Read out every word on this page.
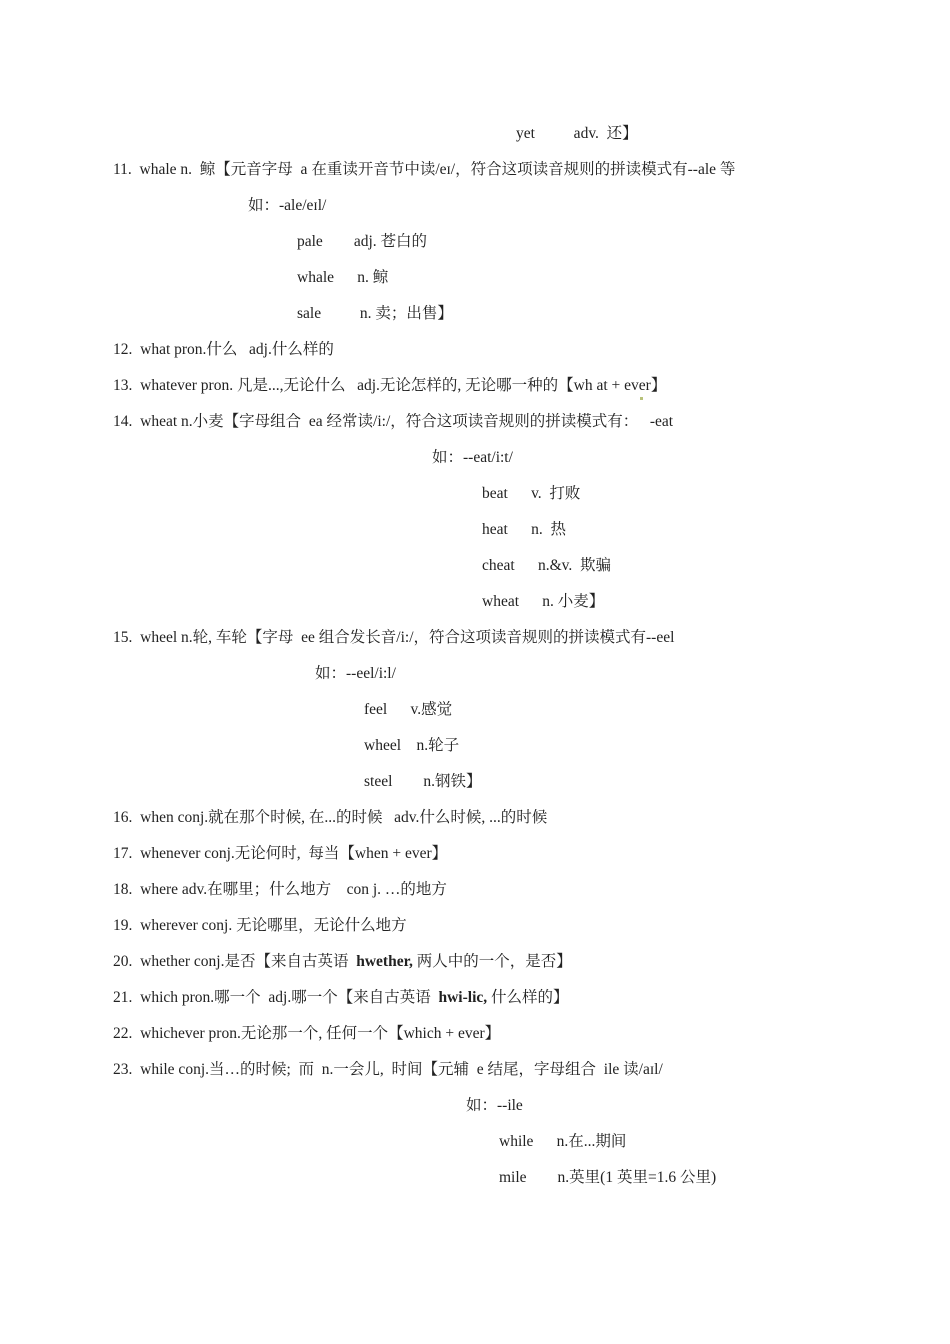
yet          adv.  还】
11.  whale n.  鲸【元音字母  a 在重读开音节中读/eɪ/，符合这项读音规则的拼读模式有--ale 等
如：-ale/eɪl/
pale        adj. 苍白的
whale      n. 鲸
sale          n. 卖；出售】
12.  what pron.什么   adj.什么样的
13.  whatever pron. 凡是...,无论什么   adj.无论怎样的, 无论哪一种的【wh at + ever】
14.  wheat n.小麦【字母组合  ea 经常读/i:/，符合这项读音规则的拼读模式有：   -eat
如：--eat/i:t/
beat      v.  打败
heat      n.  热
cheat      n.&v.  欺骗
wheat      n. 小麦】
15.  wheel n.轮, 车轮【字母  ee 组合发长音/i:/，符合这项读音规则的拼读模式有--eel
如：--eel/i:l/
feel      v.感觉
wheel    n.轮子
steel        n.钢铁】
16.  when conj.就在那个时候, 在...的时候   adv.什么时候, ...的时候
17.  whenever conj.无论何时,  每当【when + ever】
18.  where adv.在哪里；什么地方    con j. …的地方
19.  wherever conj. 无论哪里，无论什么地方
20.  whether conj.是否【来自古英语  hwether, 两人中的一个，是否】
21.  which pron.哪一个  adj.哪一个【来自古英语  hwi-lic, 什么样的】
22.  whichever pron.无论那一个, 任何一个【which + ever】
23.  while conj.当…的时候;  而  n.一会儿,  时间【元辅  e 结尾，字母组合  ile 读/aɪl/
如：--ile
while      n.在...期间
mile        n.英里(1 英里=1.6 公里)
